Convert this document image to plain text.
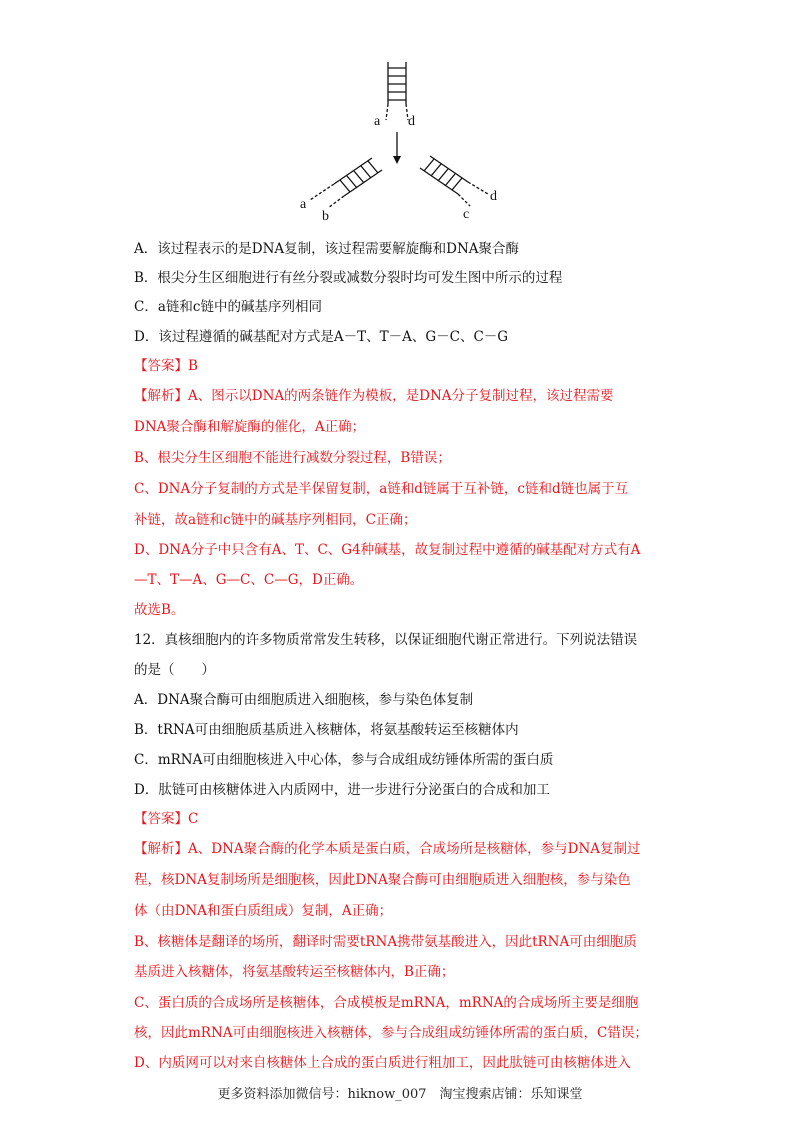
a d
a
b
d
c
A．该过程表示的是DNA复制，该过程需要解旋酶和DNA聚合酶
B．根尖分生区细胞进行有丝分裂或减数分裂时均可发生图中所示的过程
C．a链和c链中的碱基序列相同
D．该过程遵循的碱基配对方式是A－T、T－A、G－C、C－G
【答案】B
【解析】A、图示以DNA的两条链作为模板，是DNA分子复制过程，该过程需要
DNA聚合酶和解旋酶的催化，A正确；
B、根尖分生区细胞不能进行减数分裂过程，B错误；
C、DNA分子复制的方式是半保留复制，a链和d链属于互补链，c链和d链也属于互
补链，故a链和c链中的碱基序列相同，C正确；
D、DNA分子中只含有A、T、C、G4种碱基，故复制过程中遵循的碱基配对方式有A
—T、T—A、G—C、C—G，D正确。
故选B。
12．真核细胞内的许多物质常常发生转移，以保证细胞代谢正常进行。下列说法错误
的是（　　）
A．DNA聚合酶可由细胞质进入细胞核，参与染色体复制
B．tRNA可由细胞质基质进入核糖体，将氨基酸转运至核糖体内
C．mRNA可由细胞核进入中心体，参与合成组成纺锤体所需的蛋白质
D．肽链可由核糖体进入内质网中，进一步进行分泌蛋白的合成和加工
【答案】C
【解析】A、DNA聚合酶的化学本质是蛋白质，合成场所是核糖体，参与DNA复制过
程，核DNA复制场所是细胞核，因此DNA聚合酶可由细胞质进入细胞核，参与染色
体（由DNA和蛋白质组成）复制，A正确；
B、核糖体是翻译的场所，翻译时需要tRNA携带氨基酸进入，因此tRNA可由细胞质
基质进入核糖体，将氨基酸转运至核糖体内，B正确；
C、蛋白质的合成场所是核糖体，合成模板是mRNA，mRNA的合成场所主要是细胞
核，因此mRNA可由细胞核进入核糖体，参与合成组成纺锤体所需的蛋白质，C错误；
D、内质网可以对来自核糖体上合成的蛋白质进行粗加工，因此肽链可由核糖体进入
更多资料添加微信号：hiknow_007　淘宝搜索店铺：乐知课堂
